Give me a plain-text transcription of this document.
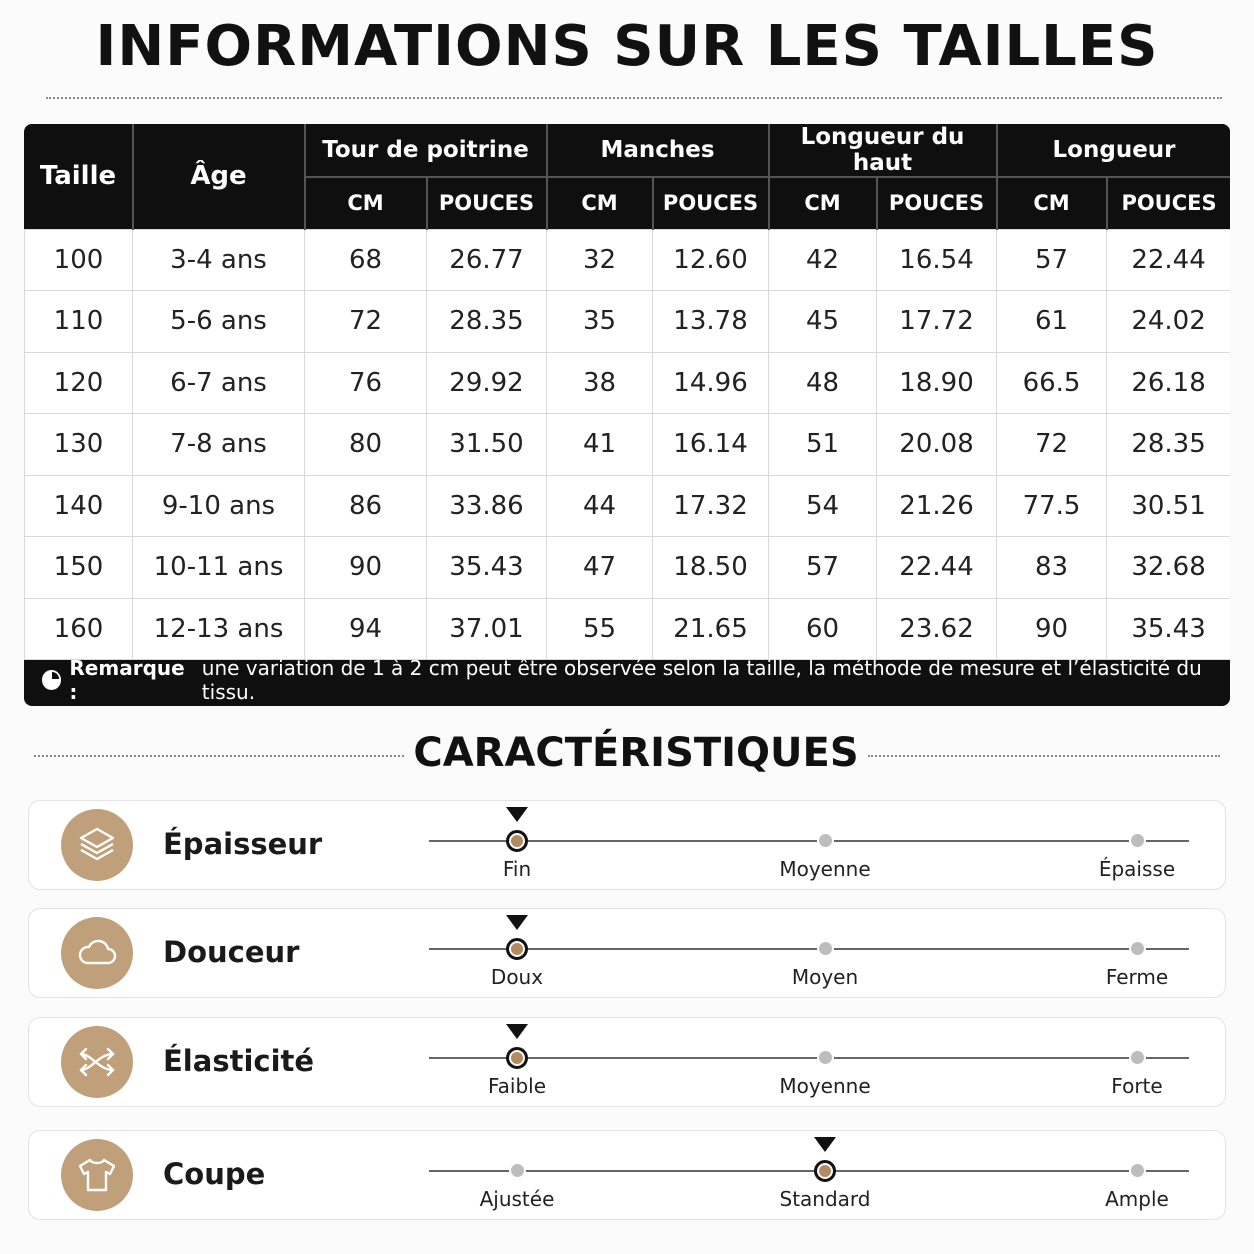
INFORMATIONS SUR LES TAILLES
Taille	Âge	Tour de poitrine		Manches		Longueur du haut		Longueur	
		CM	POUCES	CM	POUCES	CM	POUCES	CM	POUCES
100	3-4 ans	68	26.77	32	12.60	42	16.54	57	22.44
110	5-6 ans	72	28.35	35	13.78	45	17.72	61	24.02
120	6-7 ans	76	29.92	38	14.96	48	18.90	66.5	26.18
130	7-8 ans	80	31.50	41	16.14	51	20.08	72	28.35
140	9-10 ans	86	33.86	44	17.32	54	21.26	77.5	30.51
150	10-11 ans	90	35.43	47	18.50	57	22.44	83	32.68
160	12-13 ans	94	37.01	55	21.65	60	23.62	90	35.43
Remarque :
une variation de 1 à 2 cm peut être observée selon la taille, la méthode de mesure et l’élasticité du tissu.
CARACTÉRISTIQUES
Épaisseur
Fin	Moyenne	Épaisse
Douceur
Doux	Moyen	Ferme
Élasticité
Faible	Moyenne	Forte
Coupe
Ajustée	Standard	Ample
